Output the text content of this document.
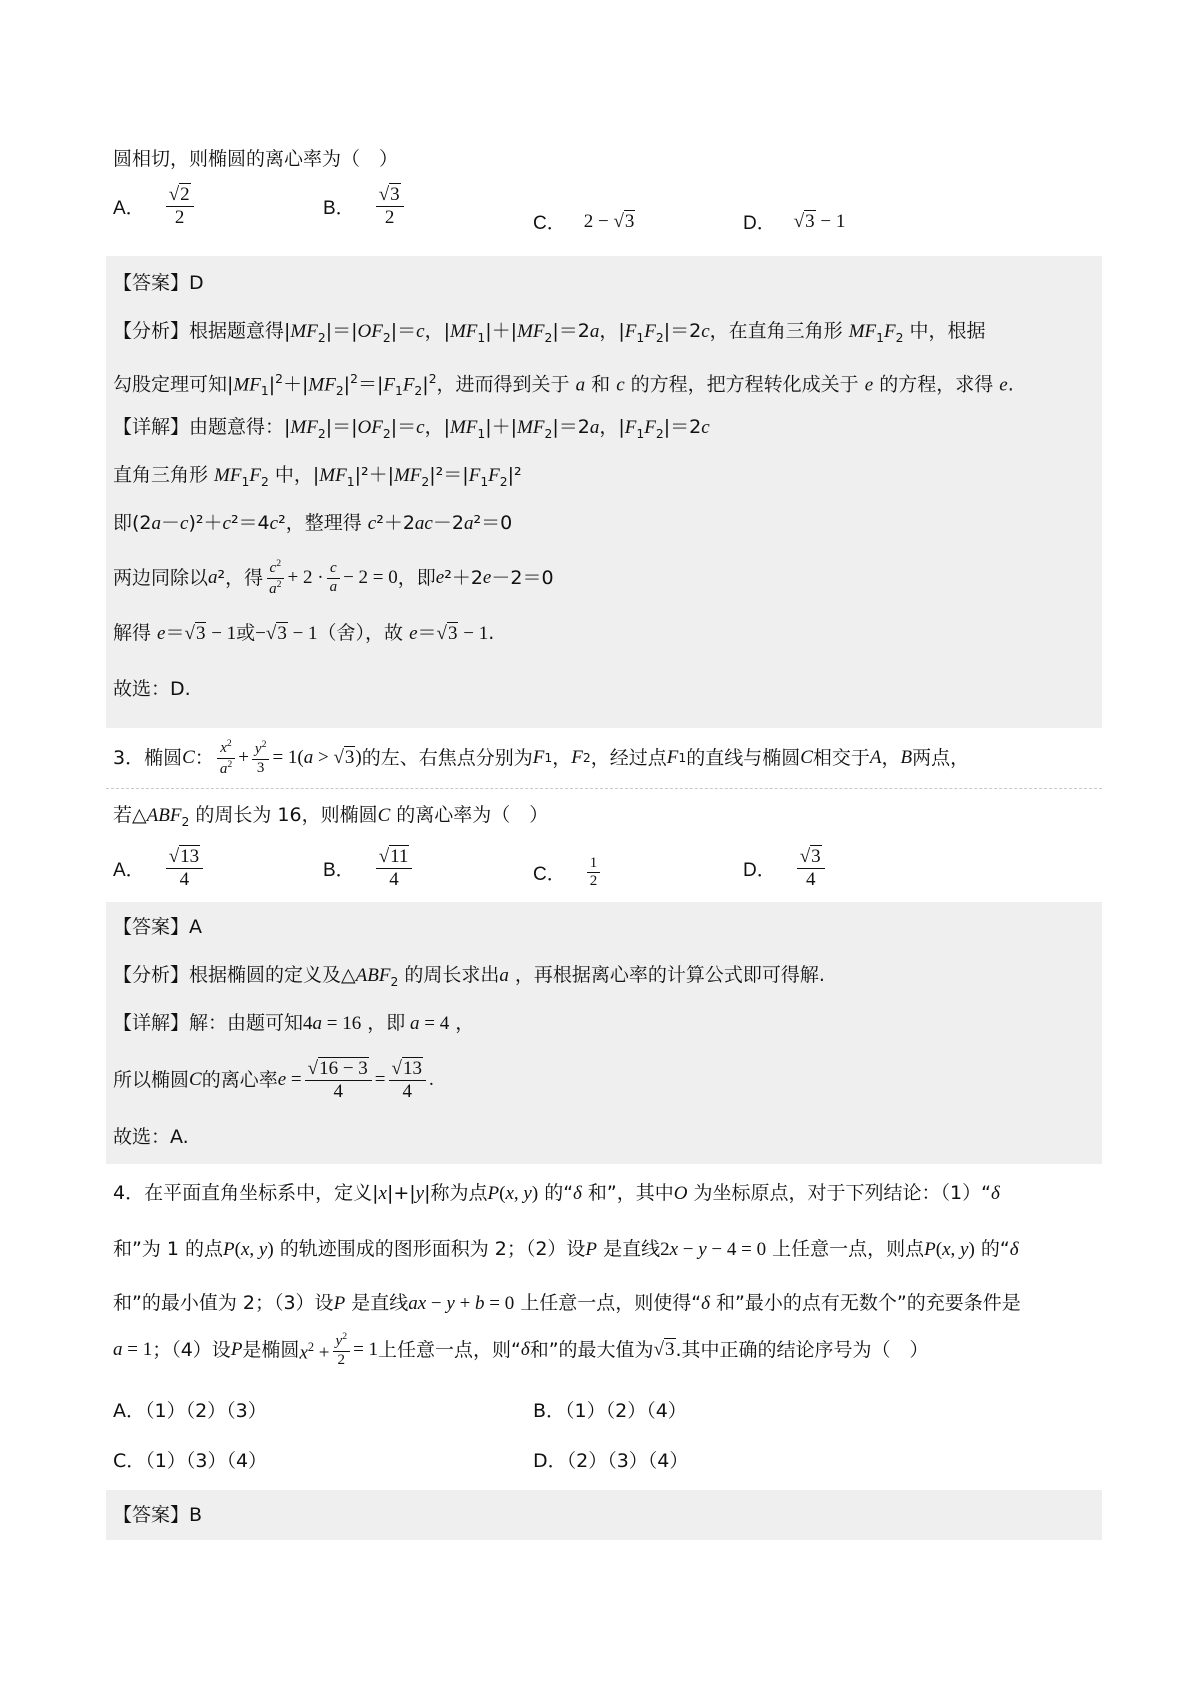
圆相切，则椭圆的离心率为（　）
A． $\frac{√2}{2}$	B． $\frac{√3}{2}$	C． 2 − √3	D． √3 − 1
【答案】D
【分析】根据题意得$|MF_2|=|OF_2|=c$，$|MF_1|+|MF_2|=2a$，$|F_1F_2|=2c$，在直角三角形 $MF_1F_2$ 中，根据
勾股定理可知$|MF_1|^2+|MF_2|^2=|F_1F_2|^2$，进而得到关于 a 和 c 的方程，把方程转化成关于 e 的方程，求得 e.
【详解】由题意得：$|MF_2|=|OF_2|=c$，$|MF_1|+|MF_2|=2a$，$|F_1F_2|=2c$
直角三角形 $MF_1F_2$ 中，$|MF_1|^2+|MF_2|^2=|F_1F_2|^2$
即(2a－c)²＋c²＝4c²，整理得 c²＋2ac－2a²＝0
两边同除以 a ²，得 $\frac{c^2}{a^2} + 2 \cdot \frac{c}{a} - 2 = 0$ ，即 e ²＋2 e －2＝0
解得 e＝√3 − 1或−√3 − 1（舍），故 e＝√3 − 1.
故选：D.
3． 椭圆 C ： $\frac{x^2}{a^2} + \frac{y^2}{3} = 1(a > √3)$ 的左、右焦点分别为 F 1 ， F 2 ，经过点 F 1 的直线与椭圆 C 相交于 A ， B 两点，
若$\triangle ABF_2$ 的周长为 16，则椭圆C 的离心率为（　）
A． $\frac{√13}{4}$	B． $\frac{√11}{4}$	C． $\frac{1}{2}$	D． $\frac{√3}{4}$
【答案】A
【分析】根据椭圆的定义及$\triangle ABF_2$ 的周长求出a ，再根据离心率的计算公式即可得解.
【详解】解：由题可知4a = 16 ，即 a = 4 ，
所以椭圆 C 的离心率 $e = \frac{√16 - 3}{4} = \frac{√13}{4}$ .
故选：A.
4．在平面直角坐标系中，定义|x|+|y|称为点P(x, y) 的“δ 和”，其中O 为坐标原点，对于下列结论：（1）“δ
和”为 1 的点P(x, y) 的轨迹围成的图形面积为 2；（2）设P 是直线2x − y − 4 = 0 上任意一点，则点P(x, y) 的“δ
和”的最小值为 2；（3）设P 是直线ax − y + b = 0 上任意一点，则使得“δ 和”最小的点有无数个”的充要条件是
a = 1 ；（4）设 P 是椭圆 $x^2 + \frac{y^2}{2} = 1$ 上任意一点，则“ δ 和”的最大值为 √3 .其中正确的结论序号为（　）
A．（1）（2）（3）	B．（1）（2）（4）
C．（1）（3）（4）	D．（2）（3）（4）
【答案】B
